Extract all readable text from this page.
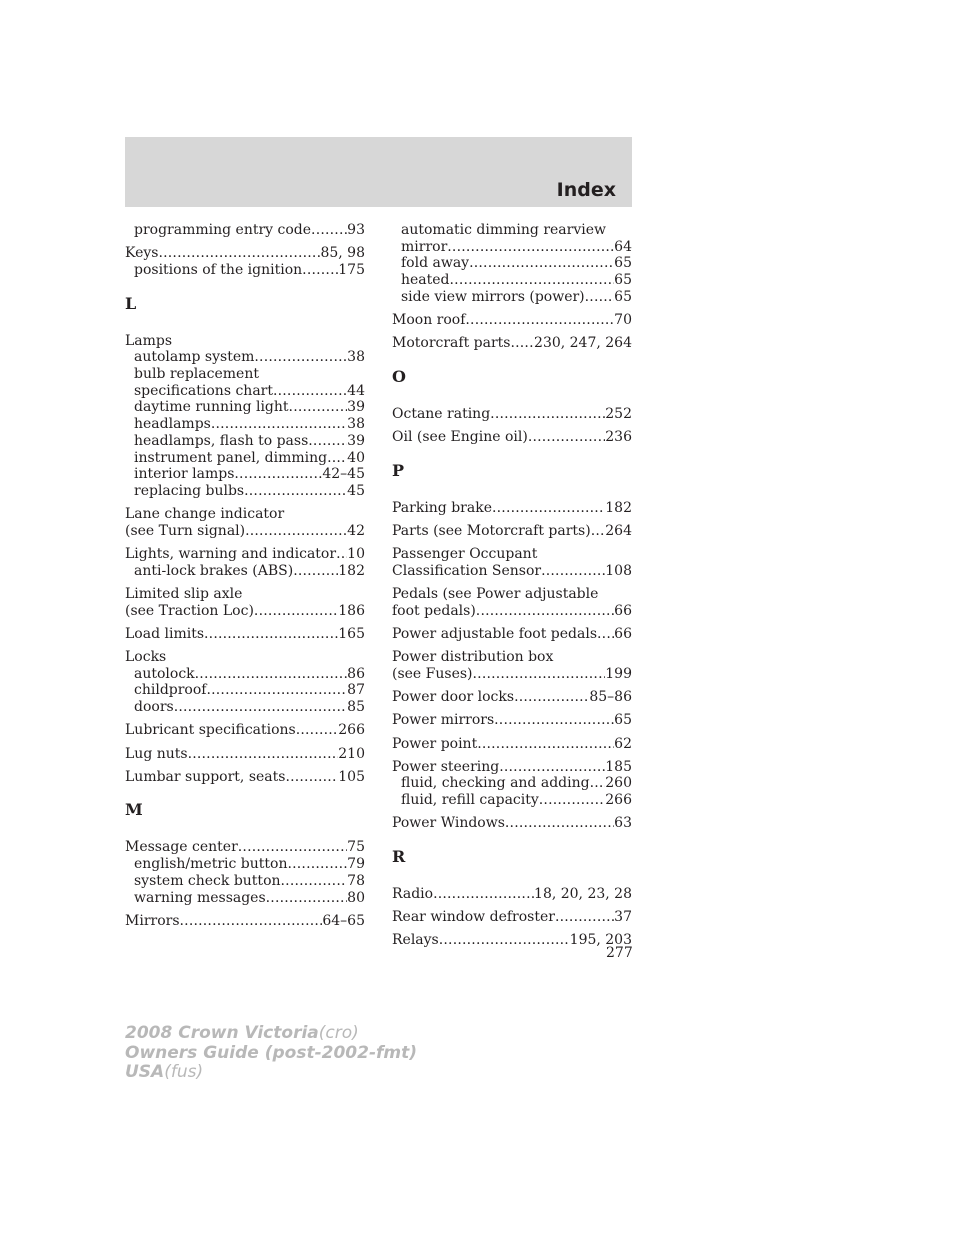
Index
programming entry code .....	93
Keys .....	85, 98
positions of the ignition .....	175
L
Lamps
autolamp system .....	38
bulb replacement
specifications chart .....	44
daytime running light .....	39
headlamps .....	38
headlamps, flash to pass .....	39
instrument panel, dimming ..... 40
interior lamps .....	42–45
replacing bulbs .....	45
Lane change indicator
(see Turn signal) .....	42
Lights, warning and indicator ..... 10
anti-lock brakes (ABS) .....	182
Limited slip axle
(see Traction Loc) .....	186
Load limits .....	165
Locks
autolock .....	86
childproof .....	87
doors .....	85
Lubricant specifications .....	266
Lug nuts .....	210
Lumbar support, seats .....	105
M
Message center .....	75
english/metric button .....	79
system check button .....	78
warning messages .....	80
Mirrors .....	64–65
automatic dimming rearview
mirror .....	64
fold away .....	65
heated .....	65
side view mirrors (power) ..... 65
Moon roof .....	70
Motorcraft parts ..... 230, 247, 264
O
Octane rating .....	252
Oil (see Engine oil) .....	236
P
Parking brake .....	182
Parts (see Motorcraft parts) ..... 264
Passenger Occupant
Classification Sensor .....	108
Pedals (see Power adjustable
foot pedals) .....	66
Power adjustable foot pedals ..... 66
Power distribution box
(see Fuses) .....	199
Power door locks .....	85–86
Power mirrors .....	65
Power point .....	62
Power steering .....	185
fluid, checking and adding ..... 260
fluid, refill capacity .....	266
Power Windows .....	63
R
Radio .....	18, 20, 23, 28
Rear window defroster .....	37
Relays .....	195, 203
277
2008 Crown Victoria(cro)
Owners Guide (post-2002-fmt)
USA(fus)
